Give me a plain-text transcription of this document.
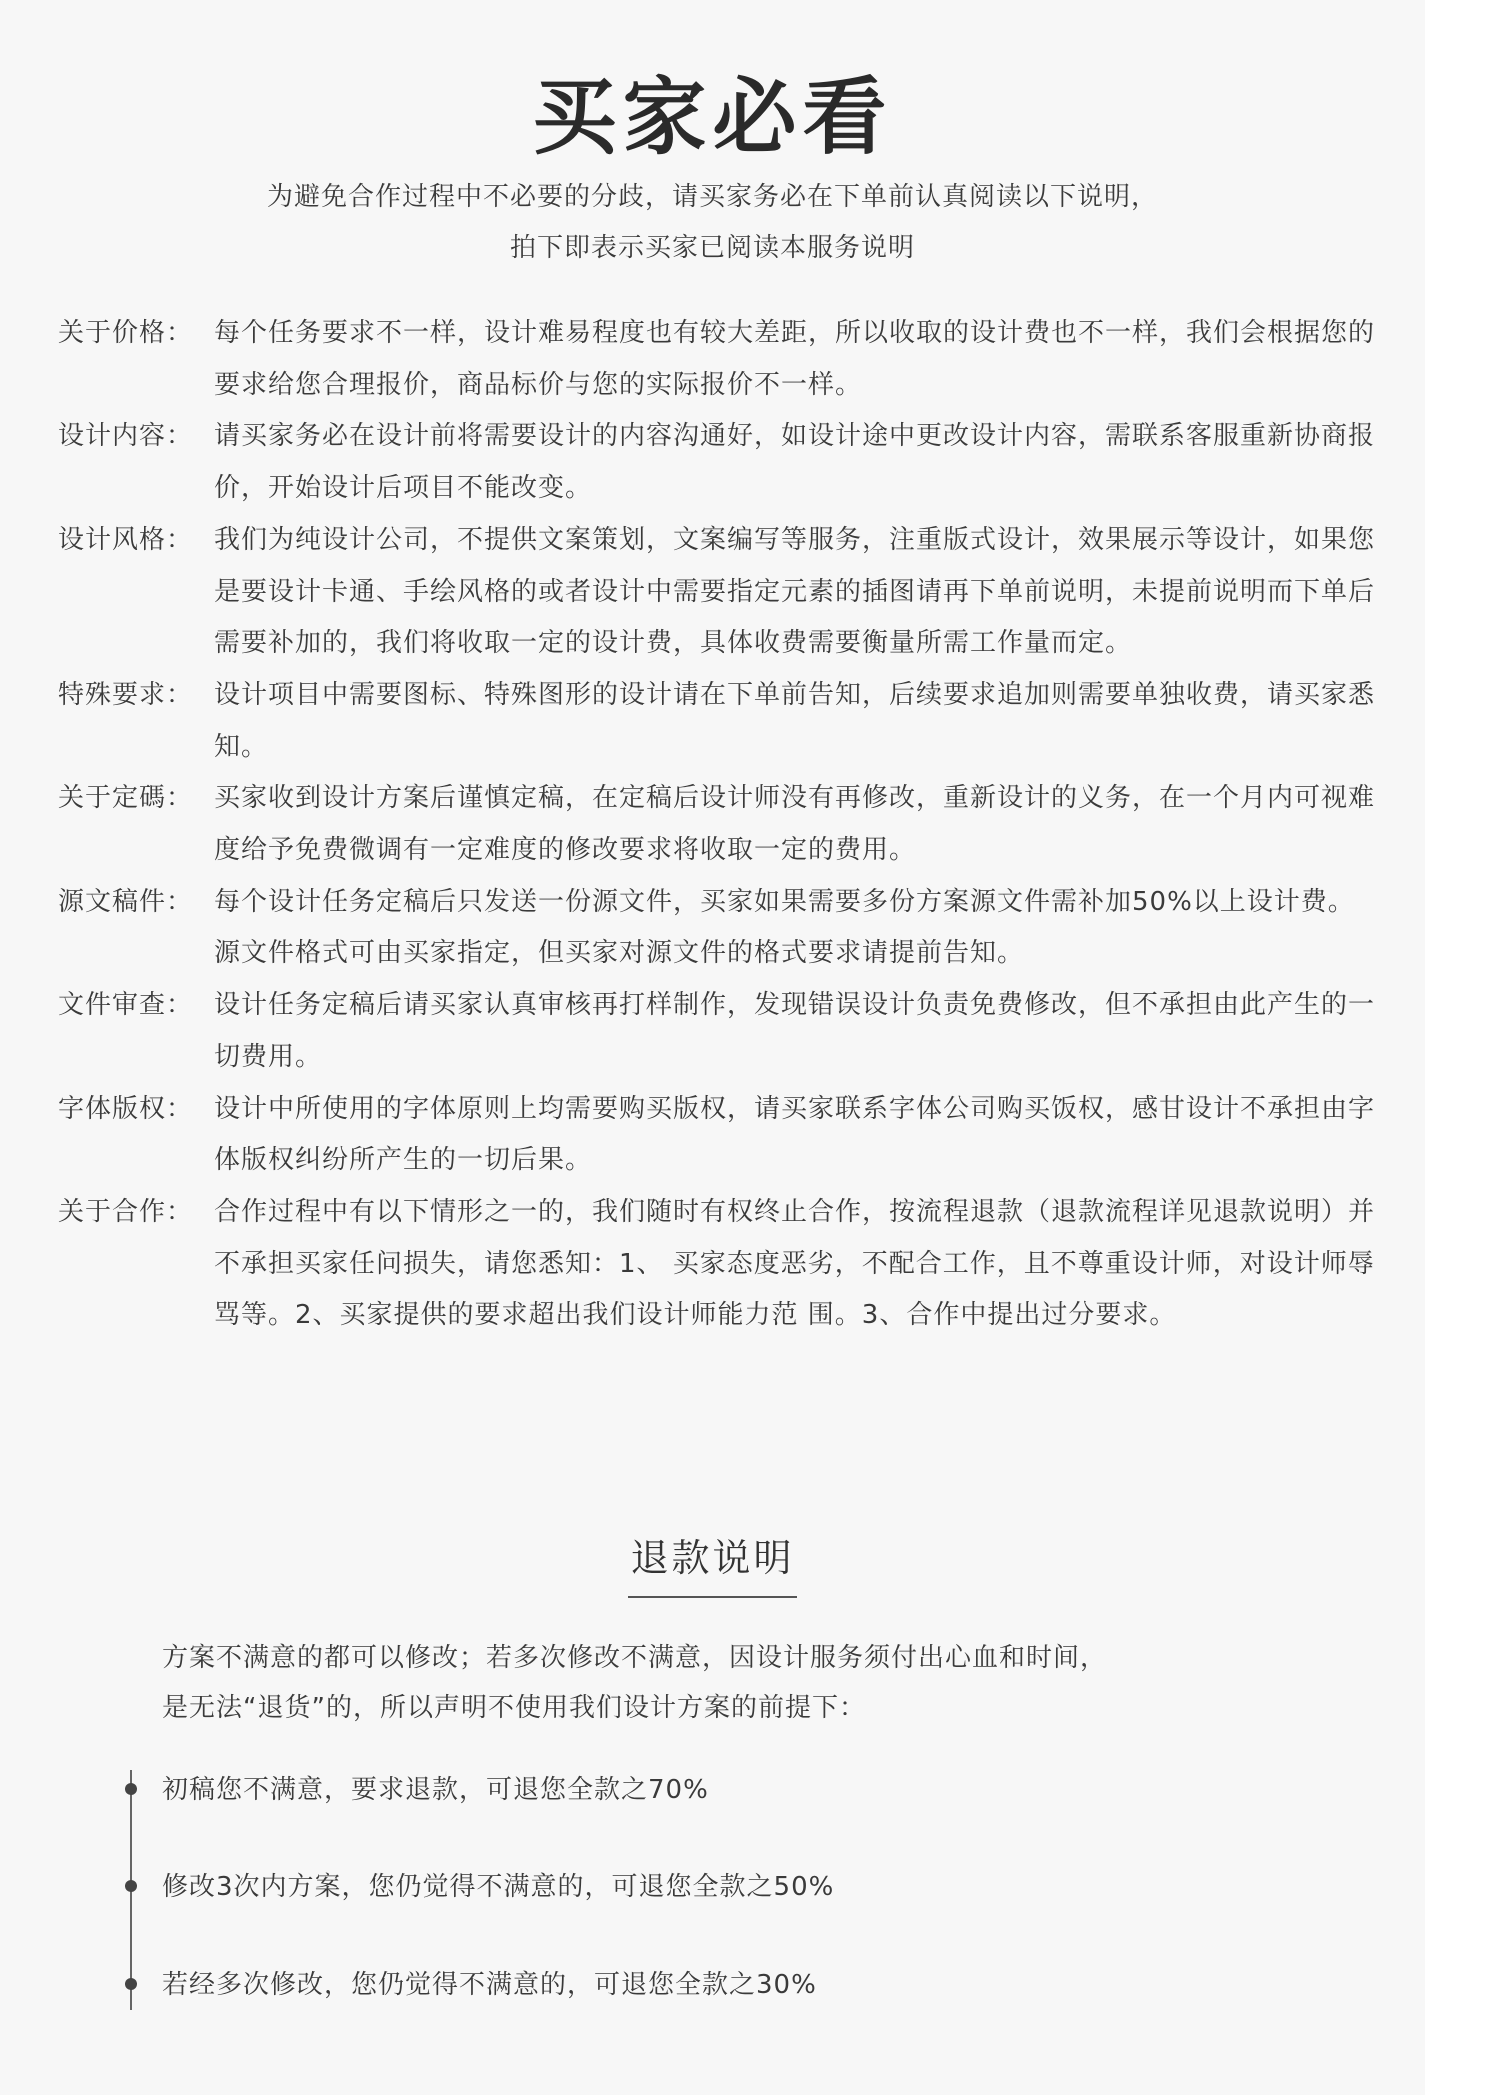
买家必看
为避免合作过程中不必要的分歧，请买家务必在下单前认真阅读以下说明，
拍下即表示买家已阅读本服务说明
关于价格： 每个任务要求不一样，设计难易程度也有较大差距，所以收取的设计费也不一样，我们会根据您的要求给您合理报价，商品标价与您的实际报价不一样。
设计内容： 请买家务必在设计前将需要设计的内容沟通好，如设计途中更改设计内容，需联系客服重新协商报价，开始设计后项目不能改变。
设计风格： 我们为纯设计公司，不提供文案策划，文案编写等服务，注重版式设计，效果展示等设计，如果您是要设计卡通、手绘风格的或者设计中需要指定元素的插图请再下单前说明，未提前说明而下单后需要补加的，我们将收取一定的设计费，具体收费需要衡量所需工作量而定。
特殊要求： 设计项目中需要图标、特殊图形的设计请在下单前告知，后续要求追加则需要单独收费，请买家悉知。
关于定碼： 买家收到设计方案后谨慎定稿，在定稿后设计师没有再修改，重新设计的义务，在一个月内可视难度给予免费微调有一定难度的修改要求将收取一定的费用。
源文稿件： 每个设计任务定稿后只发送一份源文件，买家如果需要多份方案源文件需补加50%以上设计费。源文件格式可由买家指定，但买家对源文件的格式要求请提前告知。
文件审查： 设计任务定稿后请买家认真审核再打样制作，发现错误设计负责免费修改，但不承担由此产生的一切费用。
字体版权： 设计中所使用的字体原则上均需要购买版权，请买家联系字体公司购买饭权，感甘设计不承担由字体版权纠纷所产生的一切后果。
关于合作： 合作过程中有以下情形之一的，我们随时有权终止合作，按流程退款（退款流程详见退款说明）并不承担买家任问损失，请您悉知：1、 买家态度恶劣，不配合工作，且不尊重设计师，对设计师辱骂等。2、买家提供的要求超出我们设计师能力范 围。3、合作中提出过分要求。
退款说明
方案不满意的都可以修改；若多次修改不满意，因设计服务须付出心血和时间，
是无法“退货”的，所以声明不使用我们设计方案的前提下：
初稿您不满意，要求退款，可退您全款之70%
修改3次内方案，您仍觉得不满意的，可退您全款之50%
若经多次修改，您仍觉得不满意的，可退您全款之30%
